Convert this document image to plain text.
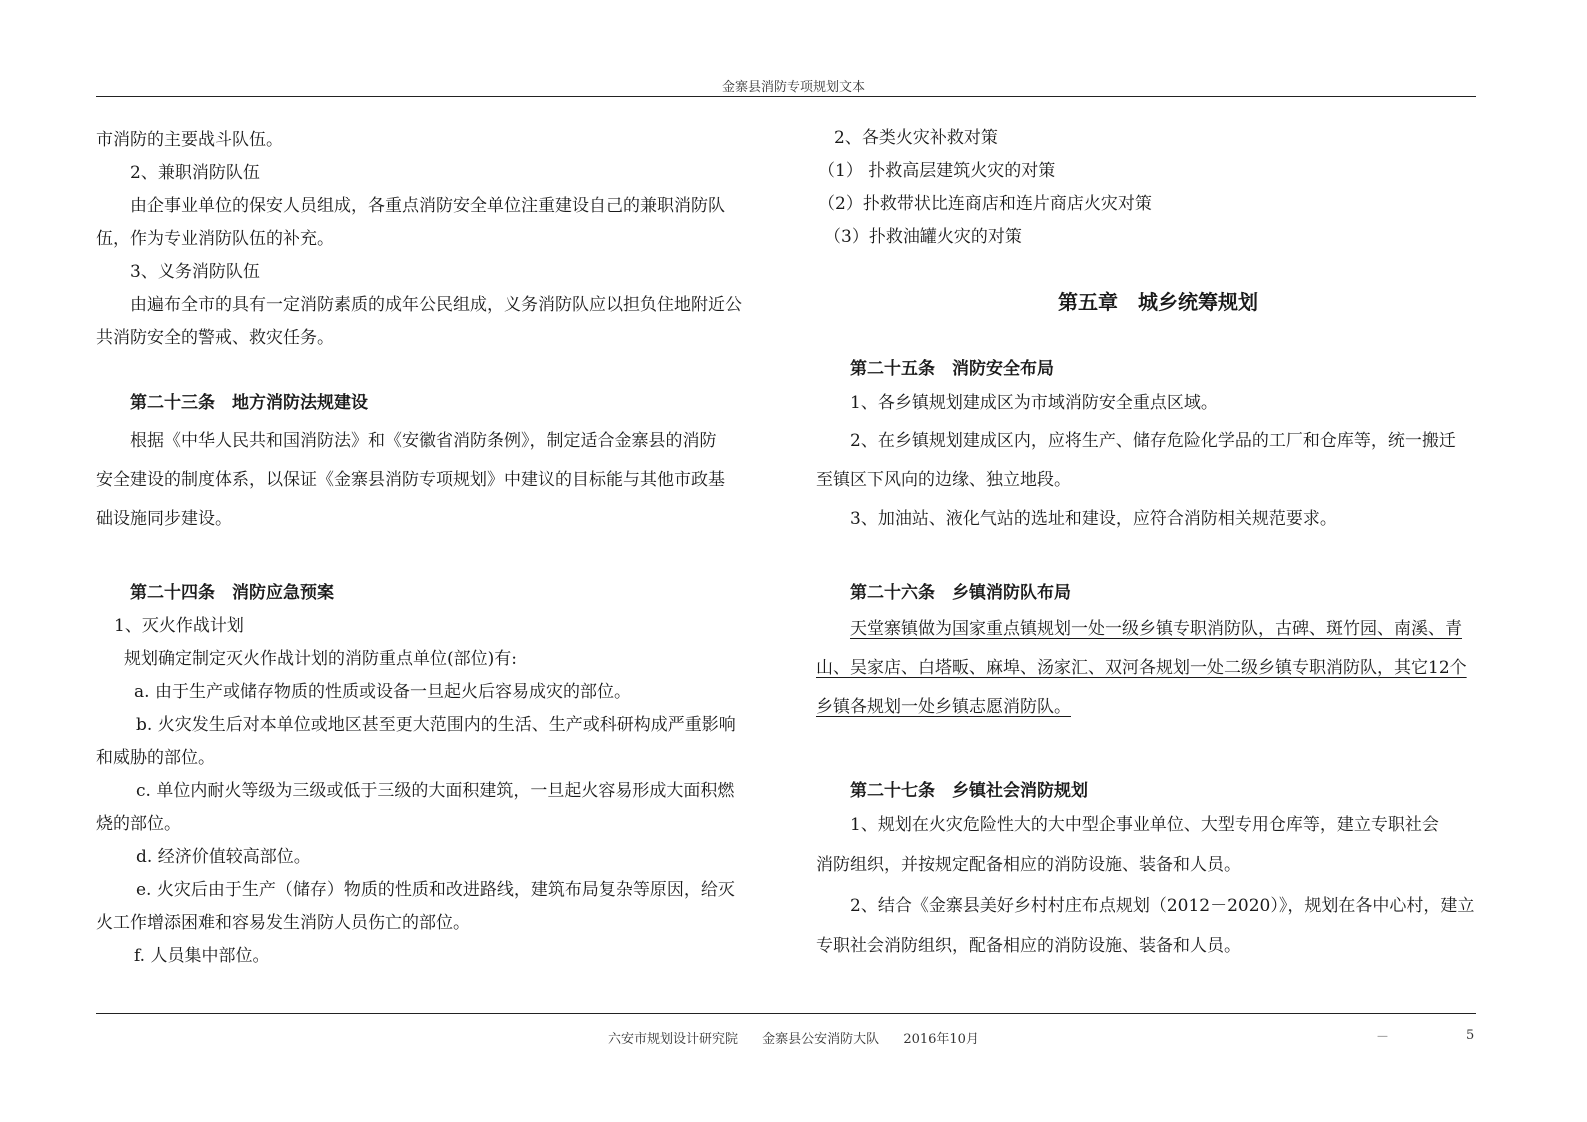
金寨县消防专项规划文本
市消防的主要战斗队伍。
2、兼职消防队伍
由企事业单位的保安人员组成，各重点消防安全单位注重建设自己的兼职消防队
伍，作为专业消防队伍的补充。
3、义务消防队伍
由遍布全市的具有一定消防素质的成年公民组成，义务消防队应以担负住地附近公
共消防安全的警戒、救灾任务。
第二十三条　地方消防法规建设
根据《中华人民共和国消防法》和《安徽省消防条例》，制定适合金寨县的消防
安全建设的制度体系，以保证《金寨县消防专项规划》中建议的目标能与其他市政基
础设施同步建设。
第二十四条　消防应急预案
1、灭火作战计划
规划确定制定灭火作战计划的消防重点单位(部位)有:
a. 由于生产或储存物质的性质或设备一旦起火后容易成灾的部位。
b. 火灾发生后对本单位或地区甚至更大范围内的生活、生产或科研构成严重影响
和威胁的部位。
c. 单位内耐火等级为三级或低于三级的大面积建筑，一旦起火容易形成大面积燃
烧的部位。
d. 经济价值较高部位。
e. 火灾后由于生产（储存）物质的性质和改进路线，建筑布局复杂等原因，给灭
火工作增添困难和容易发生消防人员伤亡的部位。
f. 人员集中部位。
2、各类火灾补救对策
（1） 扑救高层建筑火灾的对策
（2）扑救带状比连商店和连片商店火灾对策
（3）扑救油罐火灾的对策
第五章　城乡统筹规划
第二十五条　消防安全布局
1、各乡镇规划建成区为市域消防安全重点区域。
2、在乡镇规划建成区内，应将生产、储存危险化学品的工厂和仓库等，统一搬迁
至镇区下风向的边缘、独立地段。
3、加油站、液化气站的选址和建设，应符合消防相关规范要求。
第二十六条　乡镇消防队布局
天堂寨镇做为国家重点镇规划一处一级乡镇专职消防队，古碑、斑竹园、南溪、青
山、吴家店、白塔畈、麻埠、汤家汇、双河各规划一处二级乡镇专职消防队，其它12个
乡镇各规划一处乡镇志愿消防队。
第二十七条　乡镇社会消防规划
1、规划在火灾危险性大的大中型企事业单位、大型专用仓库等，建立专职社会
消防组织，并按规定配备相应的消防设施、装备和人员。
2、结合《金寨县美好乡村村庄布点规划（2012－2020）》，规划在各中心村，建立
专职社会消防组织，配备相应的消防设施、装备和人员。
六安市规划设计研究院 金寨县公安消防大队 2016年10月	－	5
